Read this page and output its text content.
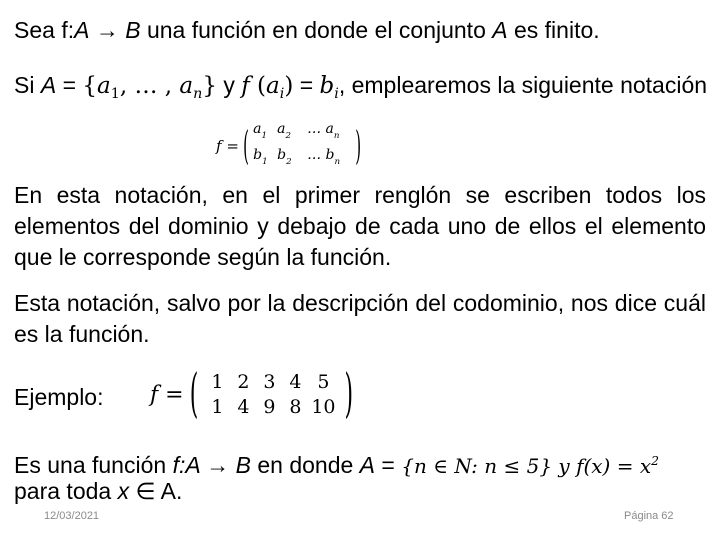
Sea f:A → B una función en donde el conjunto A es finito.
Si $A = \{a_1$, … , $a_n$} y f $(a_i) = b_i$, emplearemos la siguiente notación
f = ( $a_1$ $a_2$	… $a_n$
$b_1$ $b_2$	… $b_n$	)
En esta notación, en el primer renglón se escriben todos los elementos del dominio y debajo de cada uno de ellos el elemento que le corresponde según la función.
Esta notación, salvo por la descripción del codominio, nos dice cuál es la función.
Ejemplo: f = ( 1 2 3 4 5
1 4 9 8 10 )
Es una función f:A → B en donde A = {n ∈ N: n ≤ 5} y $f(x) = x^2$
para toda x ∈ A.
12/03/2021	Página 62
